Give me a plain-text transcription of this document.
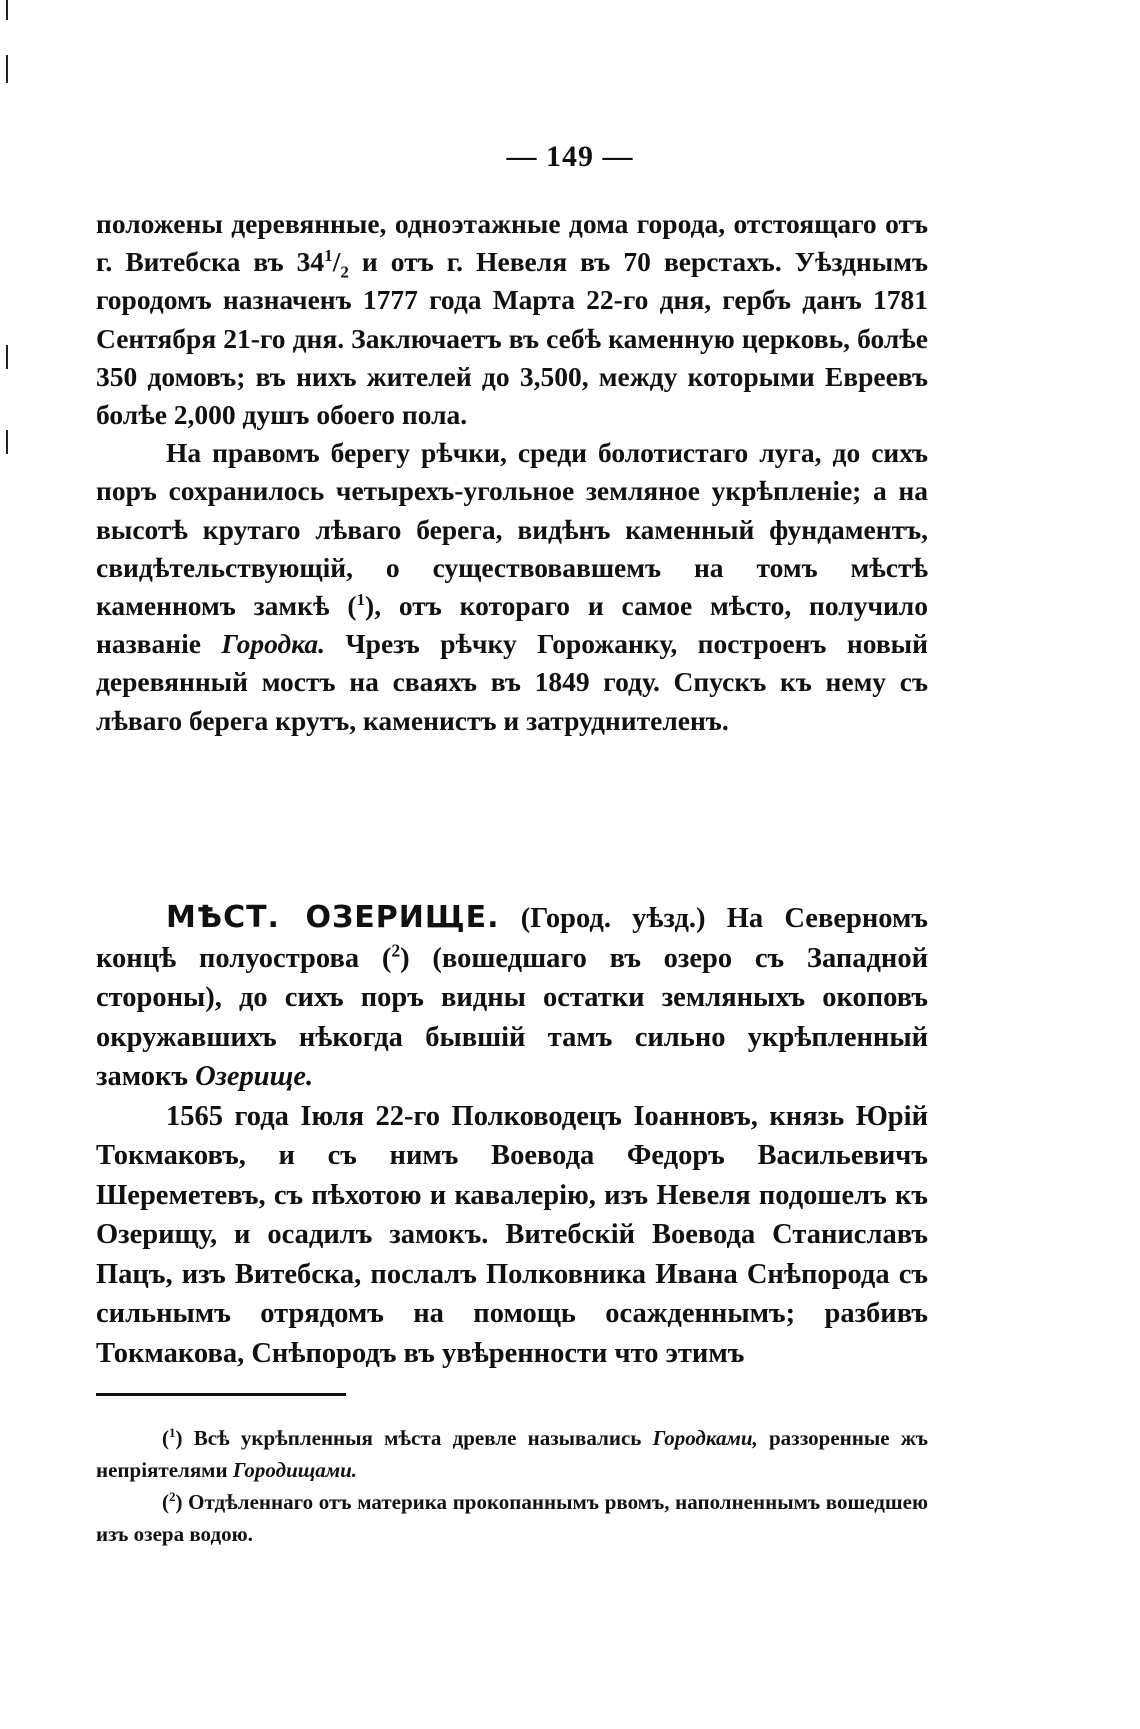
— 149 —

положены деревянные, одноэтажные дома города, отстоящаго отъ г. Витебска въ $34^1/_2$ и отъ г. Невеля въ 70 верстахъ. Уѣзднымъ городомъ назначенъ 1777 года Марта 22-го дня, гербъ данъ 1781 Сентября 21-го дня. Заключаетъ въ себѣ каменную церковь, болѣе 350 домовъ; въ нихъ жителей до 3,500, между которыми Евреевъ болѣе 2,000 душъ обоего пола.

На правомъ берегу рѣчки, среди болотистаго луга, до сихъ поръ сохранилось четырехъ-угольное земляное укрѣпленіе; а на высотѣ крутаго лѣваго берега, видѣнъ каменный фундаментъ, свидѣтельствующій, о существовавшемъ на томъ мѣстѣ каменномъ замкѣ ($^1$), отъ котораго и самое мѣсто, получило названіе Городка. Чрезъ рѣчку Горожанку, построенъ новый деревянный мостъ на сваяхъ въ 1849 году. Спускъ къ нему съ лѣваго берега крутъ, каменистъ и затруднителенъ.

МѢСТ. ОЗЕРИЩЕ. (Город. уѣзд.) На Северномъ концѣ полуострова ($^2$) (вошедшаго въ озеро съ Западной стороны), до сихъ поръ видны остатки земляныхъ окоповъ окружавшихъ нѣкогда бывшій тамъ сильно укрѣпленный замокъ Озерище.

1565 года Іюля 22-го Полководецъ Іоанновъ, князь Юрій Токмаковъ, и съ нимъ Воевода Федоръ Васильевичъ Шереметевъ, съ пѣхотою и кавалерію, изъ Невеля подошелъ къ Озерищу, и осадилъ замокъ. Витебскій Воевода Станиславъ Пацъ, изъ Витебска, послалъ Полковника Ивана Снѣпорода съ сильнымъ отрядомъ на помощь осажденнымъ; разбивъ Токмакова, Снѣпородъ въ увѣренности что этимъ

($^1$) Всѣ укрѣпленныя мѣста древле назывались Городками, раззоренные жъ непріятелями Городищами.

($^2$) Отдѣленнаго отъ материка прокопаннымъ рвомъ, наполненнымъ вошедшею изъ озера водою.
